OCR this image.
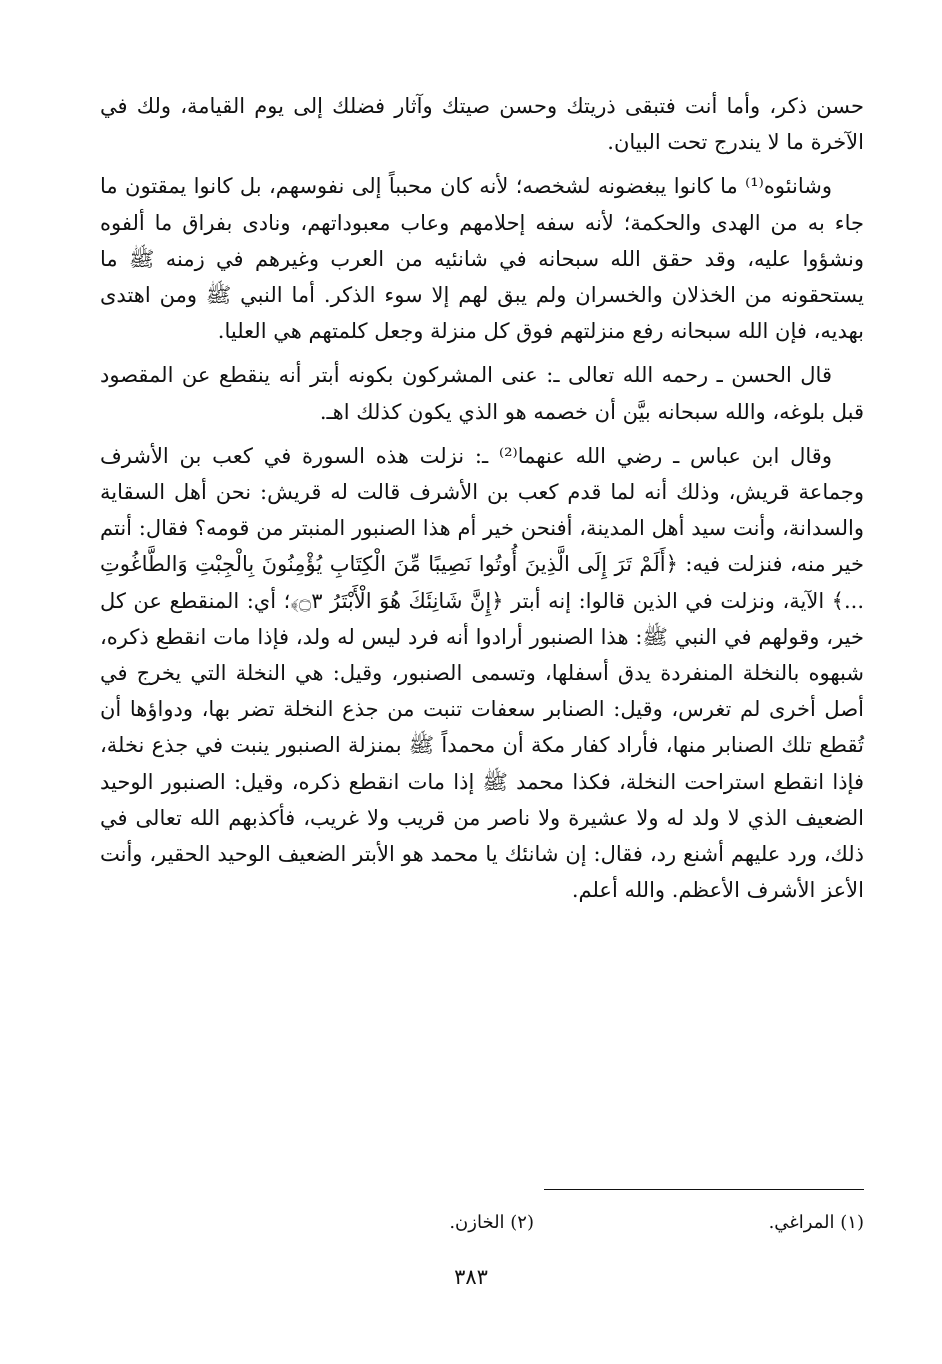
حسن ذكر، وأما أنت فتبقى ذريتك وحسن صيتك وآثار فضلك إلى يوم القيامة، ولك في الآخرة ما لا يندرج تحت البيان.

وشانئوه⁽¹⁾ ما كانوا يبغضونه لشخصه؛ لأنه كان محبباً إلى نفوسهم، بل كانوا يمقتون ما جاء به من الهدى والحكمة؛ لأنه سفه إحلامهم وعاب معبوداتهم، ونادى بفراق ما ألفوه ونشؤوا عليه، وقد حقق الله سبحانه في شانئيه من العرب وغيرهم في زمنه ﷺ ما يستحقونه من الخذلان والخسران ولم يبق لهم إلا سوء الذكر. أما النبي ﷺ ومن اهتدى بهديه، فإن الله سبحانه رفع منزلتهم فوق كل منزلة وجعل كلمتهم هي العليا.

قال الحسن ـ رحمه الله تعالى ـ: عنى المشركون بكونه أبتر أنه ينقطع عن المقصود قبل بلوغه، والله سبحانه بيَّن أن خصمه هو الذي يكون كذلك اهـ.

وقال ابن عباس ـ رضي الله عنهما⁽²⁾ ـ: نزلت هذه السورة في كعب بن الأشرف وجماعة قريش، وذلك أنه لما قدم كعب بن الأشرف قالت له قريش: نحن أهل السقاية والسدانة، وأنت سيد أهل المدينة، أفنحن خير أم هذا الصنبور المنبتر من قومه؟ فقال: أنتم خير منه، فنزلت فيه: ﴿أَلَمْ تَرَ إِلَى الَّذِينَ أُوتُوا نَصِيبًا مِّنَ الْكِتَابِ يُؤْمِنُونَ بِالْجِبْتِ وَالطَّاغُوتِ ...﴾ الآية، ونزلت في الذين قالوا: إنه أبتر ﴿إِنَّ شَانِئَكَ هُوَ الْأَبْتَرُ ۝٣﴾؛ أي: المنقطع عن كل خير، وقولهم في النبي ﷺ: هذا الصنبور أرادوا أنه فرد ليس له ولد، فإذا مات انقطع ذكره، شبهوه بالنخلة المنفردة يدق أسفلها، وتسمى الصنبور، وقيل: هي النخلة التي يخرج في أصل أخرى لم تغرس، وقيل: الصنابر سعفات تنبت من جذع النخلة تضر بها، ودواؤها أن تُقطع تلك الصنابر منها، فأراد كفار مكة أن محمداً ﷺ بمنزلة الصنبور ينبت في جذع نخلة، فإذا انقطع استراحت النخلة، فكذا محمد ﷺ إذا مات انقطع ذكره، وقيل: الصنبور الوحيد الضعيف الذي لا ولد له ولا عشيرة ولا ناصر من قريب ولا غريب، فأكذبهم الله تعالى في ذلك، ورد عليهم أشنع رد، فقال: إن شانئك يا محمد هو الأبتر الضعيف الوحيد الحقير، وأنت الأعز الأشرف الأعظم. والله أعلم.

(١) المراغي.
(٢) الخازن.
٣٨٣
